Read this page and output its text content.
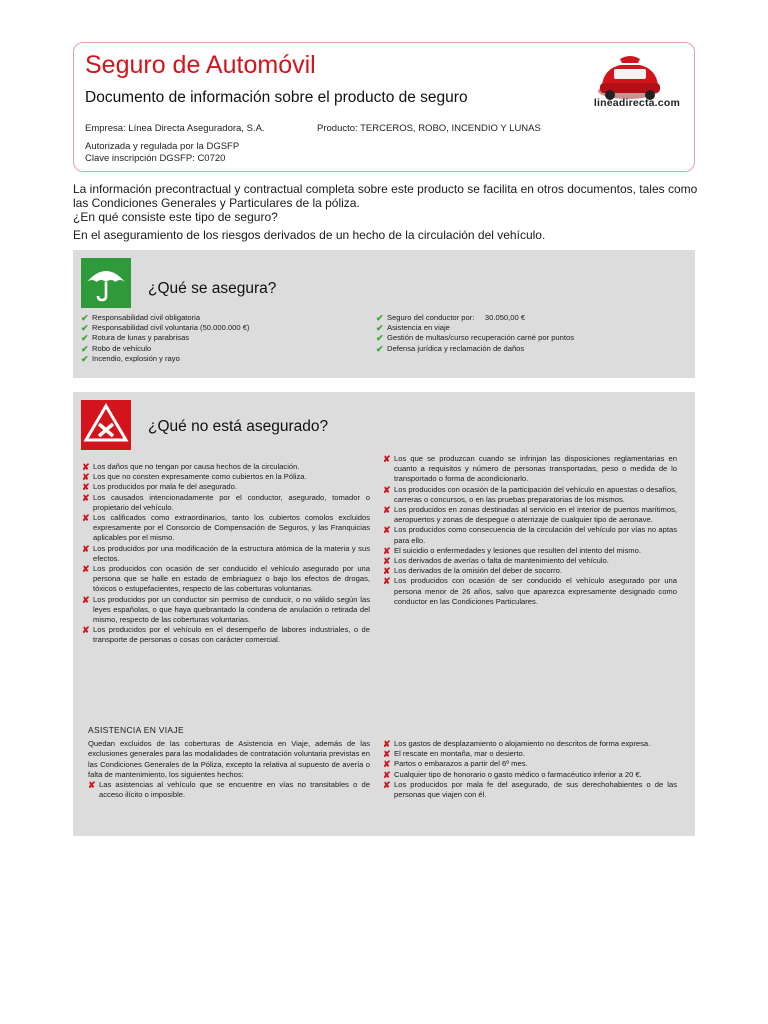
Seguro de Automóvil
Documento de información sobre el producto de seguro
Empresa: Línea Directa Aseguradora, S.A.	Producto: TERCEROS, ROBO, INCENDIO Y LUNAS
Autorizada y regulada por la DGSFP
Clave inscripción DGSFP: C0720
lineadirecta.com
La información precontractual y contractual completa sobre este producto se facilita en otros documentos, tales como las Condiciones Generales y Particulares de la póliza.
¿En qué consiste este tipo de seguro?
En el aseguramiento de los riesgos derivados de un hecho de la circulación del vehículo.
¿Qué se asegura?
✔ Responsabilidad civil obligatoria
✔ Responsabilidad civil voluntaria (50.000.000 €)
✔ Rotura de lunas y parabrisas
✔ Robo de vehículo
✔ Incendio, explosión y rayo
✔ Seguro del conductor por:     30.050,00 €
✔ Asistencia en viaje
✔ Gestión de multas/curso recuperación carné por puntos
✔ Defensa jurídica y reclamación de daños
¿Qué no está asegurado?
✘ Los daños que no tengan por causa hechos de la circulación.
✘ Los que no consten expresamente como cubiertos en la Póliza.
✘ Los producidos por mala fe del asegurado.
✘ Los causados intencionadamente por el conductor, asegurado, tomador o propietario del vehículo.
✘ Los calificados como extraordinarios, tanto los cubiertos comolos excluidos expresamente por el Consorcio de Compensación de Seguros, y las Franquicias aplicables por el mismo.
✘ Los producidos por una modificación de la estructura atómica de la materia y sus efectos.
✘ Los producidos con ocasión de ser conducido el vehículo asegurado por una persona que se halle en estado de embriaguez o bajo los efectos de drogas, tóxicos o estupefacientes, respecto de las coberturas voluntarias.
✘ Los producidos por un conductor sin permiso de conducir, o no válido según las leyes españolas, o que haya quebrantado la condena de anulación o retirada del mismo, respecto de las coberturas voluntarias.
✘ Los producidos por el vehículo en el desempeño de labores industriales, o de transporte de personas o cosas con carácter comercial.
✘ Los que se produzcan cuando se infrinjan las disposiciones reglamentarias en cuanto a requisitos y número de personas transportadas, peso o medida de lo transportado o forma de acondicionarlo.
✘ Los producidos con ocasión de la participación del vehículo en apuestas o desafíos, carreras o concursos, o en las pruebas preparatorias de los mismos.
✘ Los producidos en zonas destinadas al servicio en el interior de puertos marítimos, aeropuertos y zonas de despegue o aterrizaje de cualquier tipo de aeronave.
✘ Los producidos como consecuencia de la circulación del vehículo por vías no aptas para ello.
✘ El suicidio o enfermedades y lesiones que resulten del intento del mismo.
✘ Los derivados de averías o falta de mantenimiento del vehículo.
✘ Los derivados de la omisión del deber de socorro.
✘ Los producidos con ocasión de ser conducido el vehículo asegurado por una persona menor de 26 años, salvo que aparezca expresamente designado como conductor en las Condiciones Particulares.
ASISTENCIA EN VIAJE
Quedan excluidos de las coberturas de Asistencia en Viaje, además de las exclusiones generales para las modalidades de contratación voluntaria previstas en las Condiciones Generales de la Póliza, excepto la relativa al supuesto de avería o falta de mantenimiento, los siguientes hechos:
✘ Las asistencias al vehículo que se encuentre en vías no transitables o de acceso ilícito o imposible.
✘ Los gastos de desplazamiento o alojamiento no descritos de forma expresa.
✘ El rescate en montaña, mar o desierto.
✘ Partos o embarazos a partir del 6º mes.
✘ Cualquier tipo de honorario o gasto médico o farmacéutico inferior a 20 €.
✘ Los producidos por mala fe del asegurado, de sus derechohabientes o de las personas que viajen con él.
